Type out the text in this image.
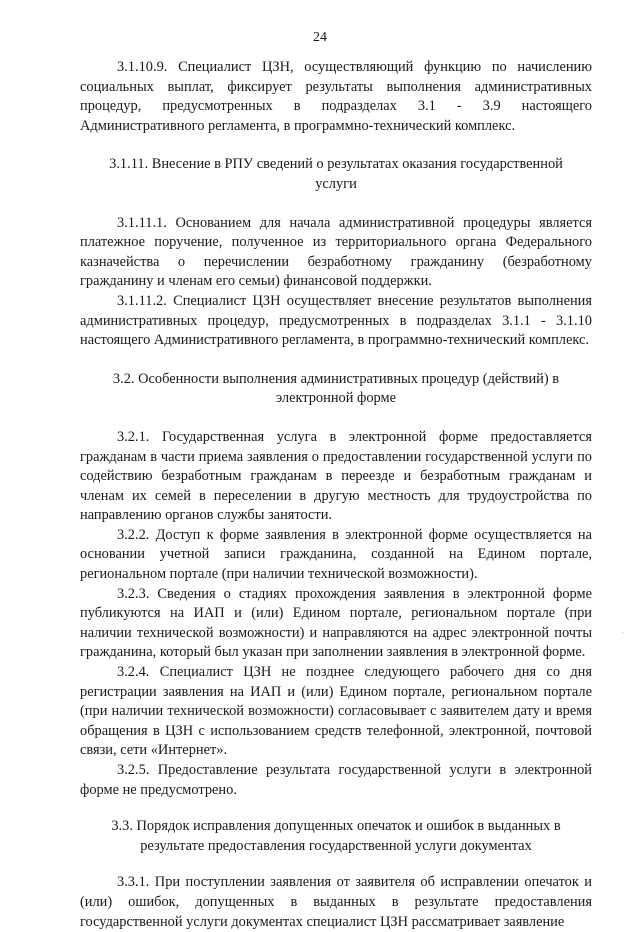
24

3.1.10.9. Специалист ЦЗН, осуществляющий функцию по начислению социальных выплат, фиксирует результаты выполнения административных процедур, предусмотренных в подразделах 3.1 - 3.9 настоящего Административного регламента, в программно-технический комплекс.

3.1.11. Внесение в РПУ сведений о результатах оказания государственной услуги

3.1.11.1. Основанием для начала административной процедуры является платежное поручение, полученное из территориального органа Федерального казначейства о перечислении безработному гражданину (безработному гражданину и членам его семьи) финансовой поддержки.

3.1.11.2. Специалист ЦЗН осуществляет внесение результатов выполнения административных процедур, предусмотренных в подразделах 3.1.1 - 3.1.10 настоящего Административного регламента, в программно-технический комплекс.

3.2. Особенности выполнения административных процедур (действий) в электронной форме

3.2.1. Государственная услуга в электронной форме предоставляется гражданам в части приема заявления о предоставлении государственной услуги по содействию безработным гражданам в переезде и безработным гражданам и членам их семей в переселении в другую местность для трудоустройства по направлению органов службы занятости.

3.2.2. Доступ к форме заявления в электронной форме осуществляется на основании учетной записи гражданина, созданной на Едином портале, региональном портале (при наличии технической возможности).

3.2.3. Сведения о стадиях прохождения заявления в электронной форме публикуются на ИАП и (или) Едином портале, региональном портале (при наличии технической возможности) и направляются на адрес электронной почты гражданина, который был указан при заполнении заявления в электронной форме.

3.2.4. Специалист ЦЗН не позднее следующего рабочего дня со дня регистрации заявления на ИАП и (или) Едином портале, региональном портале (при наличии технической возможности) согласовывает с заявителем дату и время обращения в ЦЗН с использованием средств телефонной, электронной, почтовой связи, сети «Интернет».

3.2.5. Предоставление результата государственной услуги в электронной форме не предусмотрено.

3.3. Порядок исправления допущенных опечаток и ошибок в выданных в результате предоставления государственной услуги документах

3.3.1. При поступлении заявления от заявителя об исправлении опечаток и (или) ошибок, допущенных в выданных в результате предоставления государственной услуги документах специалист ЦЗН рассматривает заявление

·
